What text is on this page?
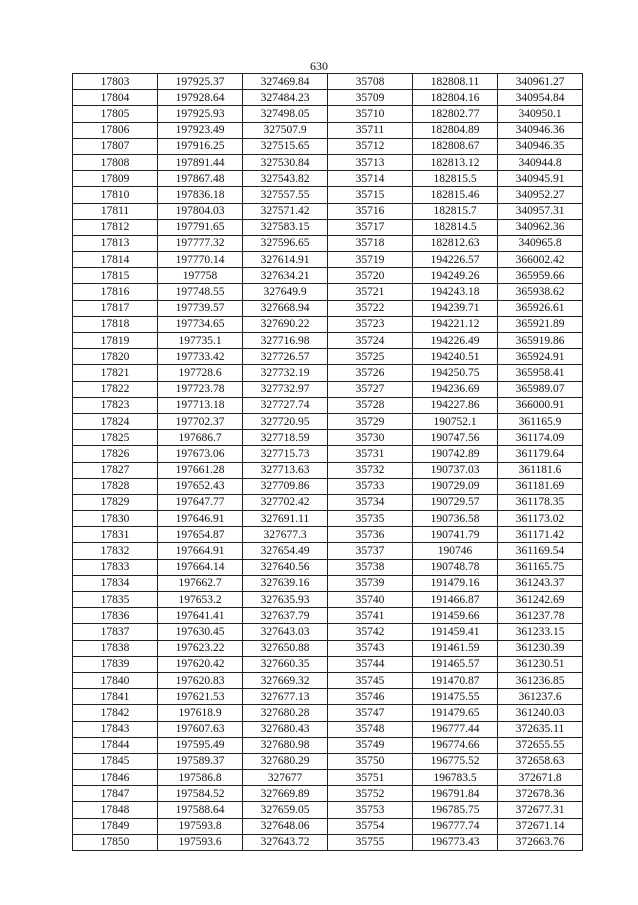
630
17803	197925.37	327469.84	35708	182808.11	340961.27
17804	197928.64	327484.23	35709	182804.16	340954.84
17805	197925.93	327498.05	35710	182802.77	340950.1
17806	197923.49	327507.9	35711	182804.89	340946.36
17807	197916.25	327515.65	35712	182808.67	340946.35
17808	197891.44	327530.84	35713	182813.12	340944.8
17809	197867.48	327543.82	35714	182815.5	340945.91
17810	197836.18	327557.55	35715	182815.46	340952.27
17811	197804.03	327571.42	35716	182815.7	340957.31
17812	197791.65	327583.15	35717	182814.5	340962.36
17813	197777.32	327596.65	35718	182812.63	340965.8
17814	197770.14	327614.91	35719	194226.57	366002.42
17815	197758	327634.21	35720	194249.26	365959.66
17816	197748.55	327649.9	35721	194243.18	365938.62
17817	197739.57	327668.94	35722	194239.71	365926.61
17818	197734.65	327690.22	35723	194221.12	365921.89
17819	197735.1	327716.98	35724	194226.49	365919.86
17820	197733.42	327726.57	35725	194240.51	365924.91
17821	197728.6	327732.19	35726	194250.75	365958.41
17822	197723.78	327732.97	35727	194236.69	365989.07
17823	197713.18	327727.74	35728	194227.86	366000.91
17824	197702.37	327720.95	35729	190752.1	361165.9
17825	197686.7	327718.59	35730	190747.56	361174.09
17826	197673.06	327715.73	35731	190742.89	361179.64
17827	197661.28	327713.63	35732	190737.03	361181.6
17828	197652.43	327709.86	35733	190729.09	361181.69
17829	197647.77	327702.42	35734	190729.57	361178.35
17830	197646.91	327691.11	35735	190736.58	361173.02
17831	197654.87	327677.3	35736	190741.79	361171.42
17832	197664.91	327654.49	35737	190746	361169.54
17833	197664.14	327640.56	35738	190748.78	361165.75
17834	197662.7	327639.16	35739	191479.16	361243.37
17835	197653.2	327635.93	35740	191466.87	361242.69
17836	197641.41	327637.79	35741	191459.66	361237.78
17837	197630.45	327643.03	35742	191459.41	361233.15
17838	197623.22	327650.88	35743	191461.59	361230.39
17839	197620.42	327660.35	35744	191465.57	361230.51
17840	197620.83	327669.32	35745	191470.87	361236.85
17841	197621.53	327677.13	35746	191475.55	361237.6
17842	197618.9	327680.28	35747	191479.65	361240.03
17843	197607.63	327680.43	35748	196777.44	372635.11
17844	197595.49	327680.98	35749	196774.66	372655.55
17845	197589.37	327680.29	35750	196775.52	372658.63
17846	197586.8	327677	35751	196783.5	372671.8
17847	197584.52	327669.89	35752	196791.84	372678.36
17848	197588.64	327659.05	35753	196785.75	372677.31
17849	197593.8	327648.06	35754	196777.74	372671.14
17850	197593.6	327643.72	35755	196773.43	372663.76
